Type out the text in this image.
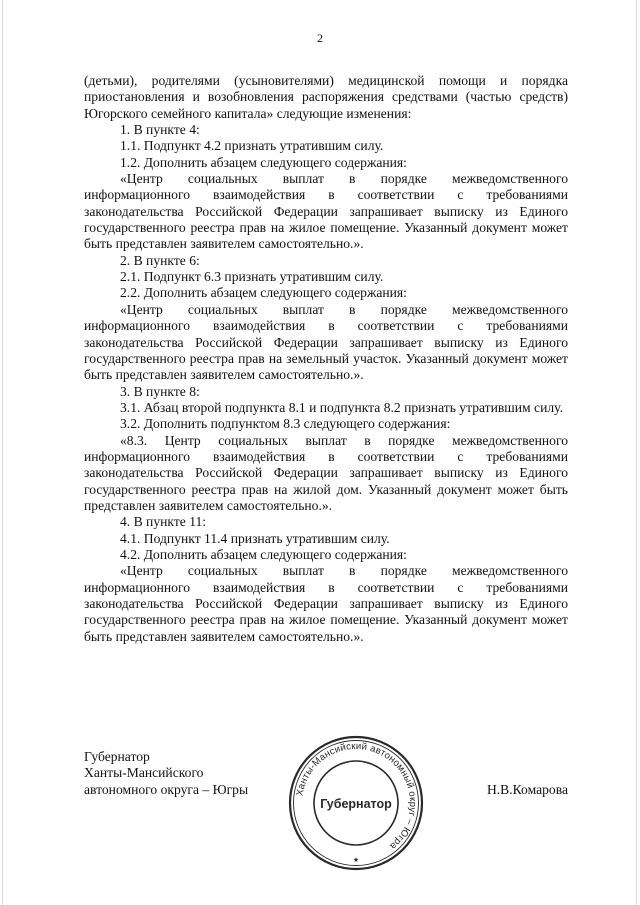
2

(детьми), родителями (усыновителями) медицинской помощи и порядка приостановления и возобновления распоряжения средствами (частью средств) Югорского семейного капитала» следующие изменения:

1. В пункте 4:

1.1. Подпункт 4.2 признать утратившим силу.

1.2. Дополнить абзацем следующего содержания:

«Центр социальных выплат в порядке межведомственного информационного взаимодействия в соответствии с требованиями законодательства Российской Федерации запрашивает выписку из Единого государственного реестра прав на жилое помещение. Указанный документ может быть представлен заявителем самостоятельно.».

2. В пункте 6:

2.1. Подпункт 6.3 признать утратившим силу.

2.2. Дополнить абзацем следующего содержания:

«Центр социальных выплат в порядке межведомственного информационного взаимодействия в соответствии с требованиями законодательства Российской Федерации запрашивает выписку из Единого государственного реестра прав на земельный участок. Указанный документ может быть представлен заявителем самостоятельно.».

3. В пункте 8:

3.1. Абзац второй подпункта 8.1 и подпункта 8.2 признать утратившим силу.

3.2. Дополнить подпунктом 8.3 следующего содержания:

«8.3. Центр социальных выплат в порядке межведомственного информационного взаимодействия в соответствии с требованиями законодательства Российской Федерации запрашивает выписку из Единого государственного реестра прав на жилой дом. Указанный документ может быть представлен заявителем самостоятельно.».

4. В пункте 11:

4.1. Подпункт 11.4 признать утратившим силу.

4.2. Дополнить абзацем следующего содержания:

«Центр социальных выплат в порядке межведомственного информационного взаимодействия в соответствии с требованиями законодательства Российской Федерации запрашивает выписку из Единого государственного реестра прав на жилое помещение. Указанный документ может быть представлен заявителем самостоятельно.».

Губернатор
Ханты-Мансийского
автономного округа – Югры	Н.В.Комарова
Ханты-Мансийский автономный округ – Югра
Губернатор
★
